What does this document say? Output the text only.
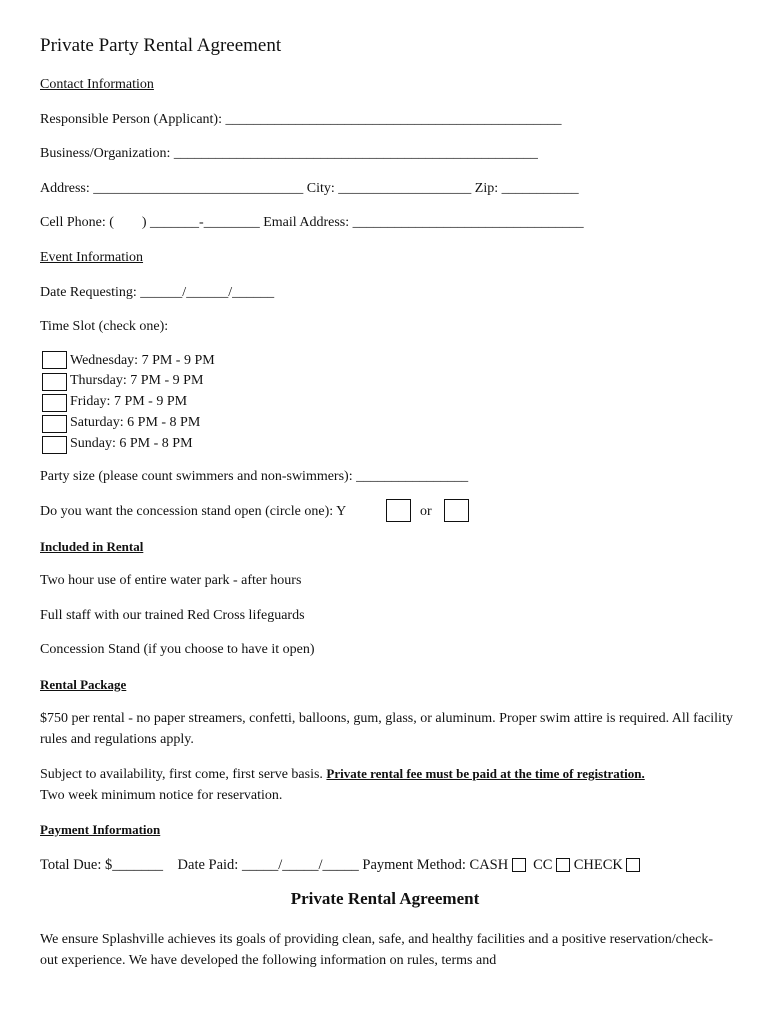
Private Party Rental Agreement
Contact Information
Responsible Person (Applicant): ________________________________________________
Business/Organization: ____________________________________________________
Address: ______________________________ City: ___________________ Zip: ___________
Cell Phone: (        ) _______-________ Email Address: _________________________________
Event Information
Date Requesting: ______/______/______
Time Slot (check one):
Wednesday: 7 PM - 9 PM
Thursday: 7 PM - 9 PM
Friday: 7 PM - 9 PM
Saturday: 6 PM - 8 PM
Sunday: 6 PM - 8 PM
Party size (please count swimmers and non-swimmers): ________________
Do you want the concession stand open (circle one): Y	or
Included in Rental
Two hour use of entire water park - after hours
Full staff with our trained Red Cross lifeguards
Concession Stand (if you choose to have it open)
Rental Package
$750 per rental - no paper streamers, confetti, balloons, gum, glass, or aluminum. Proper swim attire is required. All facility rules and regulations apply.
Subject to availability, first come, first serve basis. Private rental fee must be paid at the time of registration.
Two week minimum notice for reservation.
Payment Information
Total Due: $_______ Date Paid: _____/_____/_____ Payment Method: CASH CC CHECK
Private Rental Agreement
We ensure Splashville achieves its goals of providing clean, safe, and healthy facilities and a positive reservation/check-out experience. We have developed the following information on rules, terms and
